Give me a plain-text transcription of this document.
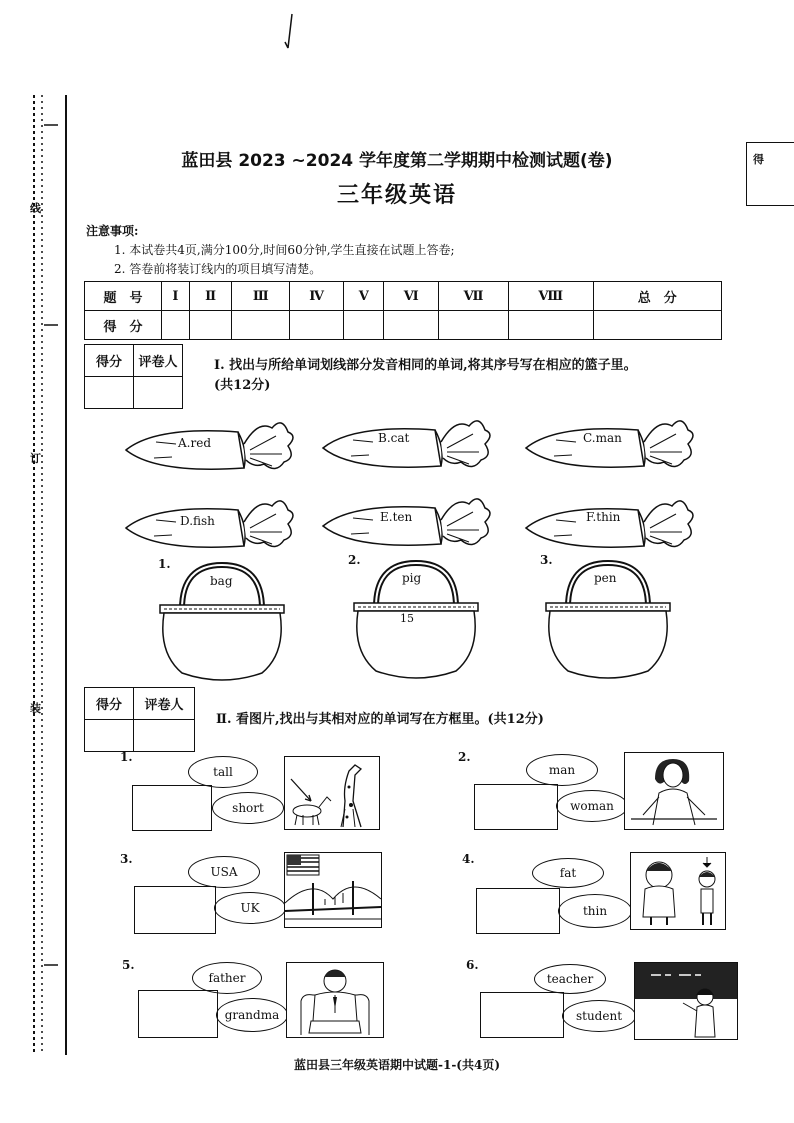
线
订
装
得
蓝田县 2023 ~2024 学年度第二学期期中检测试题(卷)
三年级英语
注意事项:
1. 本试卷共4页,满分100分,时间60分钟,学生直接在试题上答卷;
2. 答卷前将装订线内的项目填写清楚。
题　号	Ⅰ	Ⅱ	Ⅲ	Ⅳ	Ⅴ	Ⅵ	Ⅶ	Ⅷ	总　分
得　分									
得分	评卷人
		Ⅰ. 找出与所给单词划线部分发音相同的单词,将其序号写在相应的篮子里。
(共12分)
A.red	B.cat	C.man
D.fish	E.ten	F.thin
1.	2.	3.
bag	pig	pen
15
得分	评卷人

Ⅱ. 看图片,找出与其相对应的单词写在方框里。(共12分)
1.
tall
short
2.
man
woman
3.
USA
UK
4.
fat
thin
5.
father
grandma
6.
teacher
student
蓝田县三年级英语期中试题-1-(共4页)
